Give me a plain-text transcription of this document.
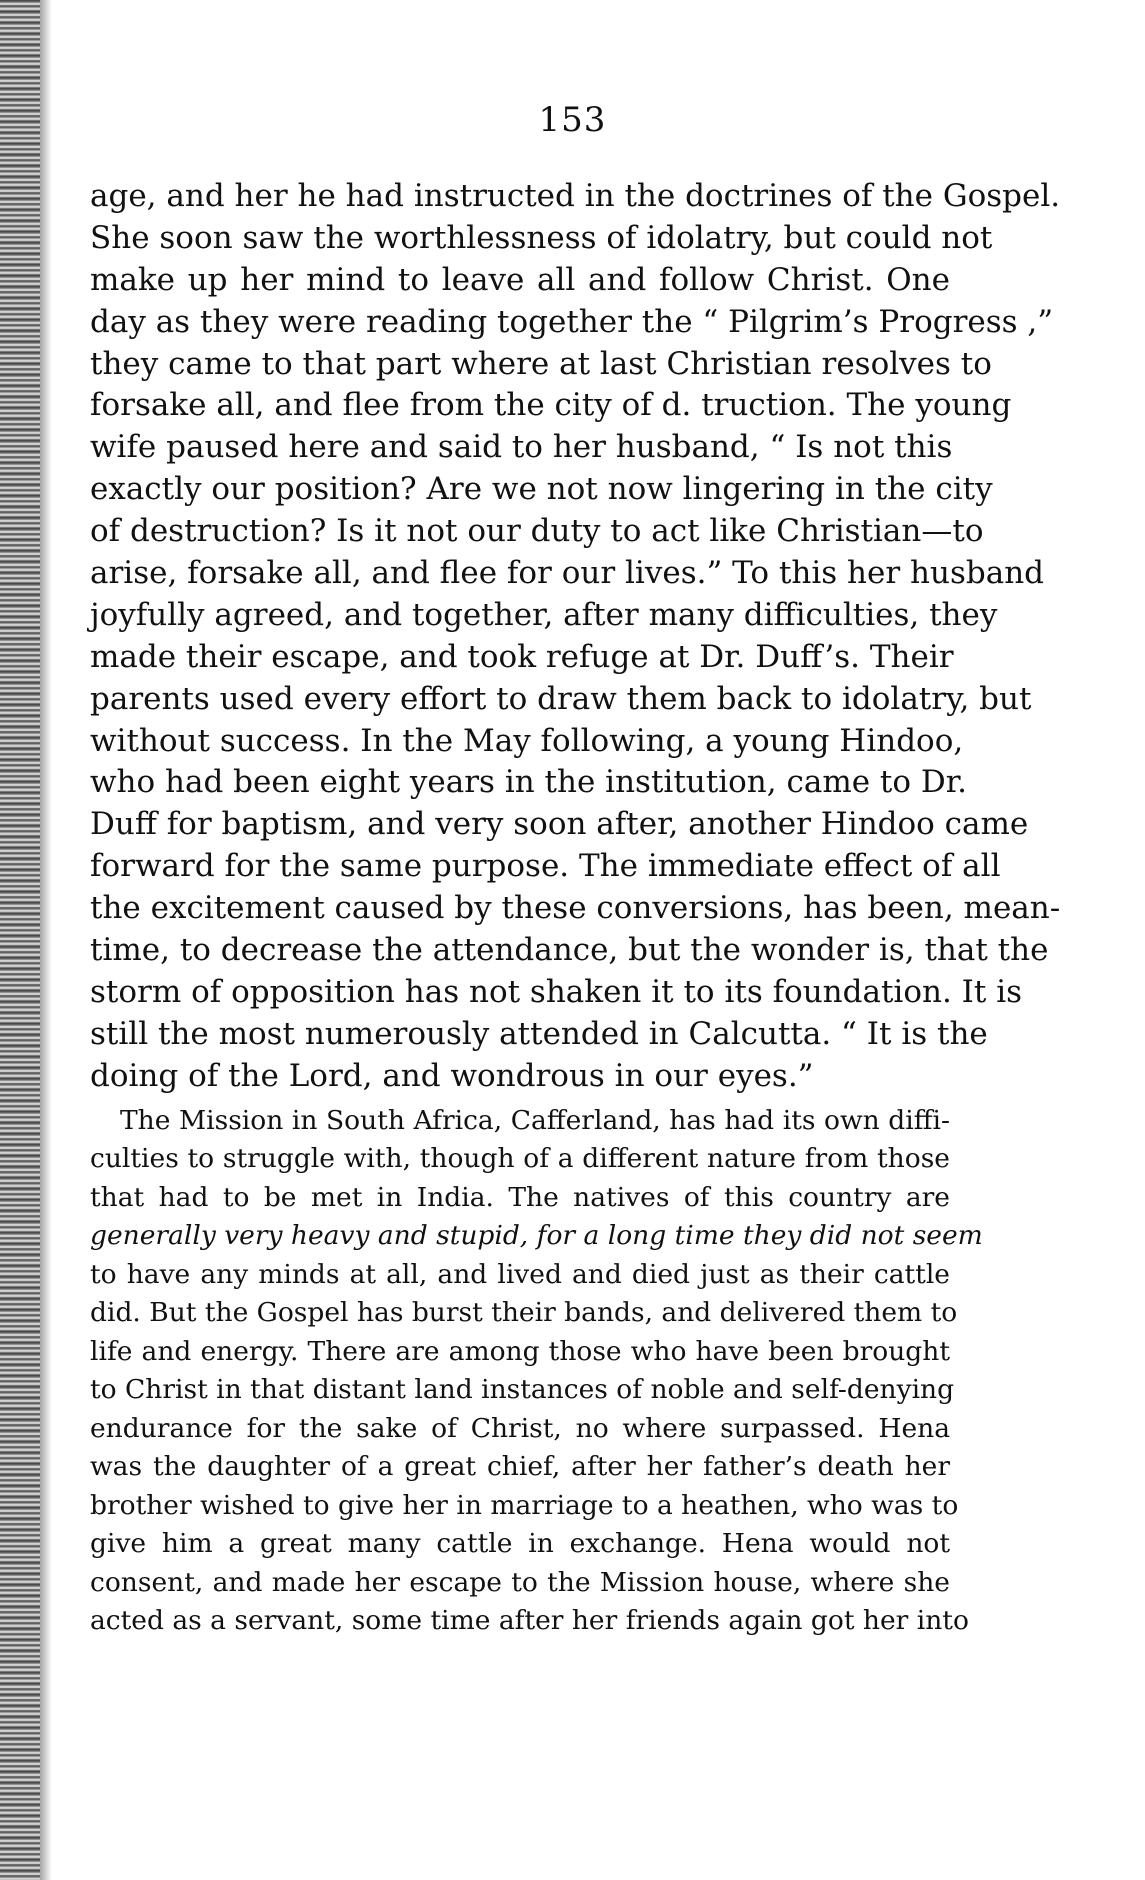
153
age, and her he had instructed in the doctrines of the Gospel.
She soon saw the worthlessness of idolatry, but could not
make up her mind to leave all and follow Christ. One
day as they were reading together the “ Pilgrim’s Progress ,”
they came to that part where at last Christian resolves to
forsake all, and flee from the city of d. truction. The young
wife paused here and said to her husband, “ Is not this
exactly our position? Are we not now lingering in the city
of destruction? Is it not our duty to act like Christian—to
arise, forsake all, and flee for our lives.” To this her husband
joyfully agreed, and together, after many difficulties, they
made their escape, and took refuge at Dr. Duff’s. Their
parents used every effort to draw them back to idolatry, but
without success. In the May following, a young Hindoo,
who had been eight years in the institution, came to Dr.
Duff for baptism, and very soon after, another Hindoo came
forward for the same purpose. The immediate effect of all
the excitement caused by these conversions, has been, mean-
time, to decrease the attendance, but the wonder is, that the
storm of opposition has not shaken it to its foundation. It is
still the most numerously attended in Calcutta. “ It is the
doing of the Lord, and wondrous in our eyes.”
The Mission in South Africa, Cafferland, has had its own diffi-
culties to struggle with, though of a different nature from those
that had to be met in India. The natives of this country are
generally very heavy and stupid, for a long time they did not seem
to have any minds at all, and lived and died just as their cattle
did. But the Gospel has burst their bands, and delivered them to
life and energy. There are among those who have been brought
to Christ in that distant land instances of noble and self-denying
endurance for the sake of Christ, no where surpassed. Hena
was the daughter of a great chief, after her father’s death her
brother wished to give her in marriage to a heathen, who was to
give him a great many cattle in exchange. Hena would not
consent, and made her escape to the Mission house, where she
acted as a servant, some time after her friends again got her into
